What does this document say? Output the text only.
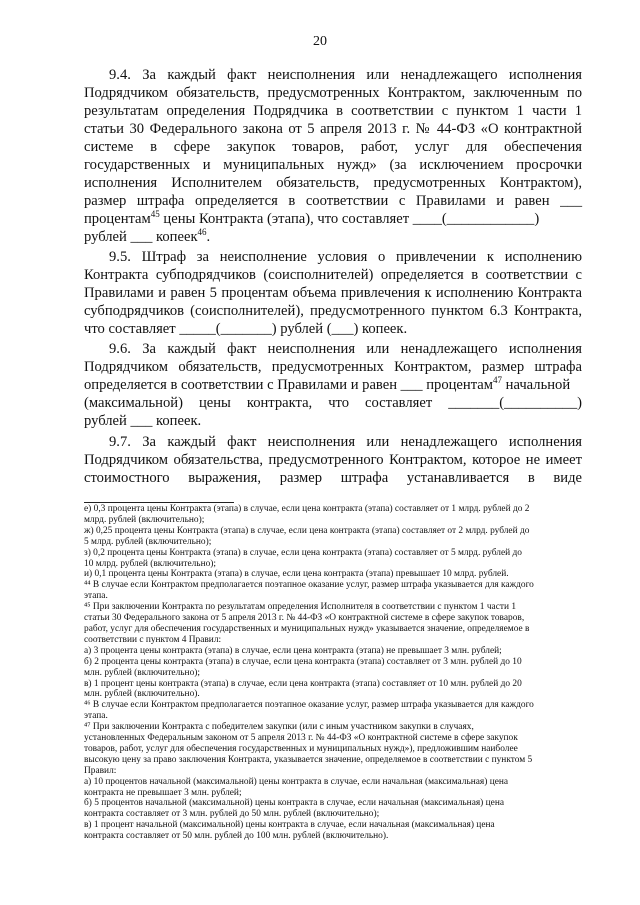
20
9.4. За каждый факт неисполнения или ненадлежащего исполнения
Подрядчиком обязательств, предусмотренных Контрактом, заключенным по
результатам определения Подрядчика в соответствии с пунктом 1 части 1
статьи 30 Федерального закона от 5 апреля 2013 г. № 44-ФЗ «О контрактной
системе в сфере закупок товаров, работ, услуг для обеспечения
государственных и муниципальных нужд» (за исключением просрочки
исполнения Исполнителем обязательств, предусмотренных Контрактом),
размер штрафа определяется в соответствии с Правилами и равен ___
процентам$^{45}$ цены Контракта (этапа), что составляет ____(____________)
рублей ___ копеек$^{46}$.
9.5. Штраф за неисполнение условия о привлечении к исполнению
Контракта субподрядчиков (соисполнителей) определяется в соответствии с
Правилами и равен 5 процентам объема привлечения к исполнению Контракта
субподрядчиков (соисполнителей), предусмотренного пунктом 6.3 Контракта,
что составляет _____(_______) рублей (___) копеек.
9.6. За каждый факт неисполнения или ненадлежащего исполнения
Подрядчиком обязательств, предусмотренных Контрактом, размер штрафа
определяется в соответствии с Правилами и равен ___ процентам$^{47}$ начальной
(максимальной) цены контракта, что составляет _______(__________)
рублей ___ копеек.
9.7. За каждый факт неисполнения или ненадлежащего исполнения
Подрядчиком обязательства, предусмотренного Контрактом, которое не имеет
стоимостного выражения, размер штрафа устанавливается в виде
е) 0,3 процента цены Контракта (этапа) в случае, если цена контракта (этапа) составляет от 1 млрд. рублей до 2
млрд. рублей (включительно);
ж) 0,25 процента цены Контракта (этапа) в случае, если цена контракта (этапа) составляет от 2 млрд. рублей до
5 млрд. рублей (включительно);
з) 0,2 процента цены Контракта (этапа) в случае, если цена контракта (этапа) составляет от 5 млрд. рублей до
10 млрд. рублей (включительно);
и) 0,1 процента цены Контракта (этапа) в случае, если цена контракта (этапа) превышает 10 млрд. рублей.
⁴⁴ В случае если Контрактом предполагается поэтапное оказание услуг, размер штрафа указывается для каждого
этапа.
⁴⁵ При заключении Контракта по результатам определения Исполнителя в соответствии с пунктом 1 части 1
статьи 30 Федерального закона от 5 апреля 2013 г. № 44-ФЗ «О контрактной системе в сфере закупок товаров,
работ, услуг для обеспечения государственных и муниципальных нужд» указывается значение, определяемое в
соответствии с пунктом 4 Правил:
а) 3 процента цены контракта (этапа) в случае, если цена контракта (этапа) не превышает 3 млн. рублей;
б) 2 процента цены контракта (этапа) в случае, если цена контракта (этапа) составляет от 3 млн. рублей до 10
млн. рублей (включительно);
в) 1 процент цены контракта (этапа) в случае, если цена контракта (этапа) составляет от 10 млн. рублей до 20
млн. рублей (включительно).
⁴⁶ В случае если Контрактом предполагается поэтапное оказание услуг, размер штрафа указывается для каждого
этапа.
⁴⁷ При заключении Контракта с победителем закупки (или с иным участником закупки в случаях,
установленных Федеральным законом от 5 апреля 2013 г. № 44-ФЗ «О контрактной системе в сфере закупок
товаров, работ, услуг для обеспечения государственных и муниципальных нужд»), предложившим наиболее
высокую цену за право заключения Контракта, указывается значение, определяемое в соответствии с пунктом 5
Правил:
а) 10 процентов начальной (максимальной) цены контракта в случае, если начальная (максимальная) цена
контракта не превышает 3 млн. рублей;
б) 5 процентов начальной (максимальной) цены контракта в случае, если начальная (максимальная) цена
контракта составляет от 3 млн. рублей до 50 млн. рублей (включительно);
в) 1 процент начальной (максимальной) цены контракта в случае, если начальная (максимальная) цена
контракта составляет от 50 млн. рублей до 100 млн. рублей (включительно).
